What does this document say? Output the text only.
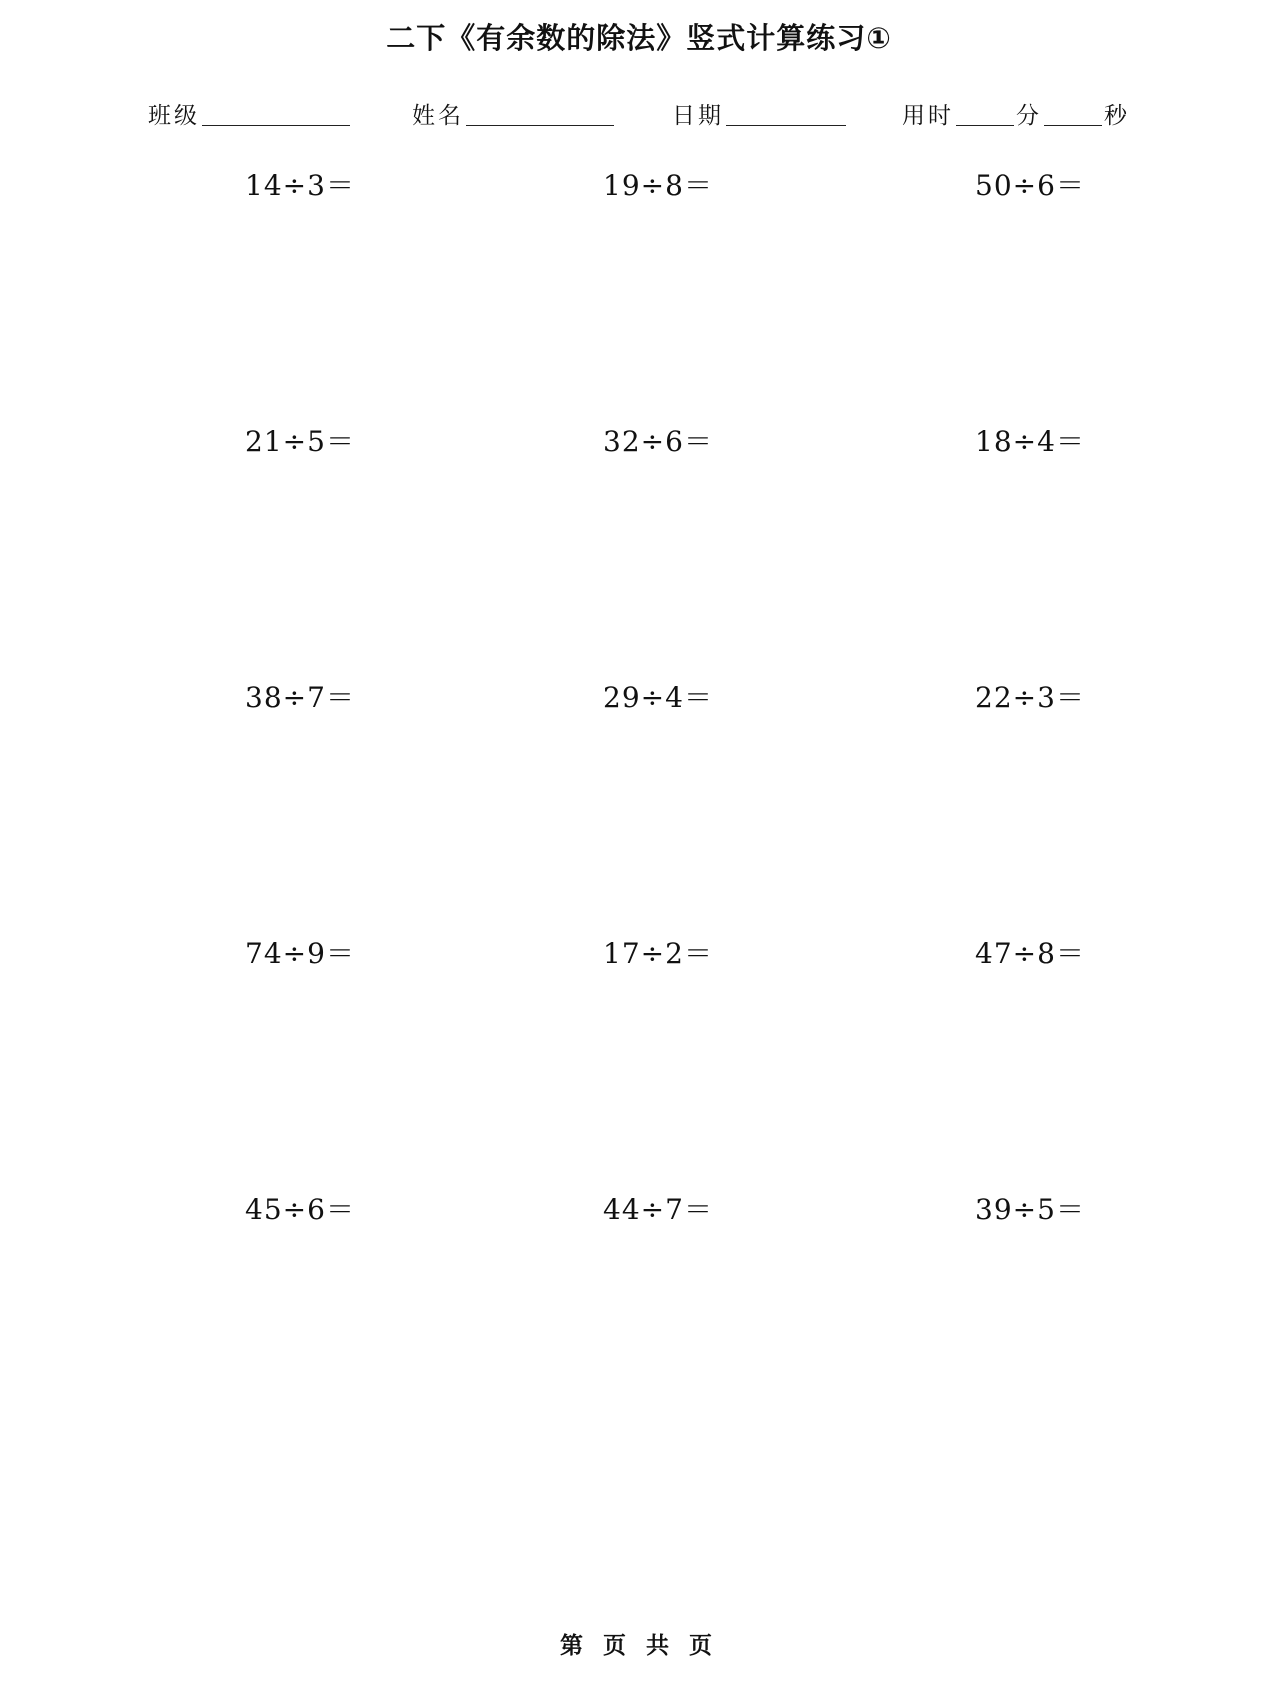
二下《有余数的除法》竖式计算练习①
班级	姓名	日期	用时	分	秒
14÷3＝	19÷8＝	50÷6＝
21÷5＝	32÷6＝	18÷4＝
38÷7＝	29÷4＝	22÷3＝
74÷9＝	17÷2＝	47÷8＝
45÷6＝	44÷7＝	39÷5＝
第 页 共 页
